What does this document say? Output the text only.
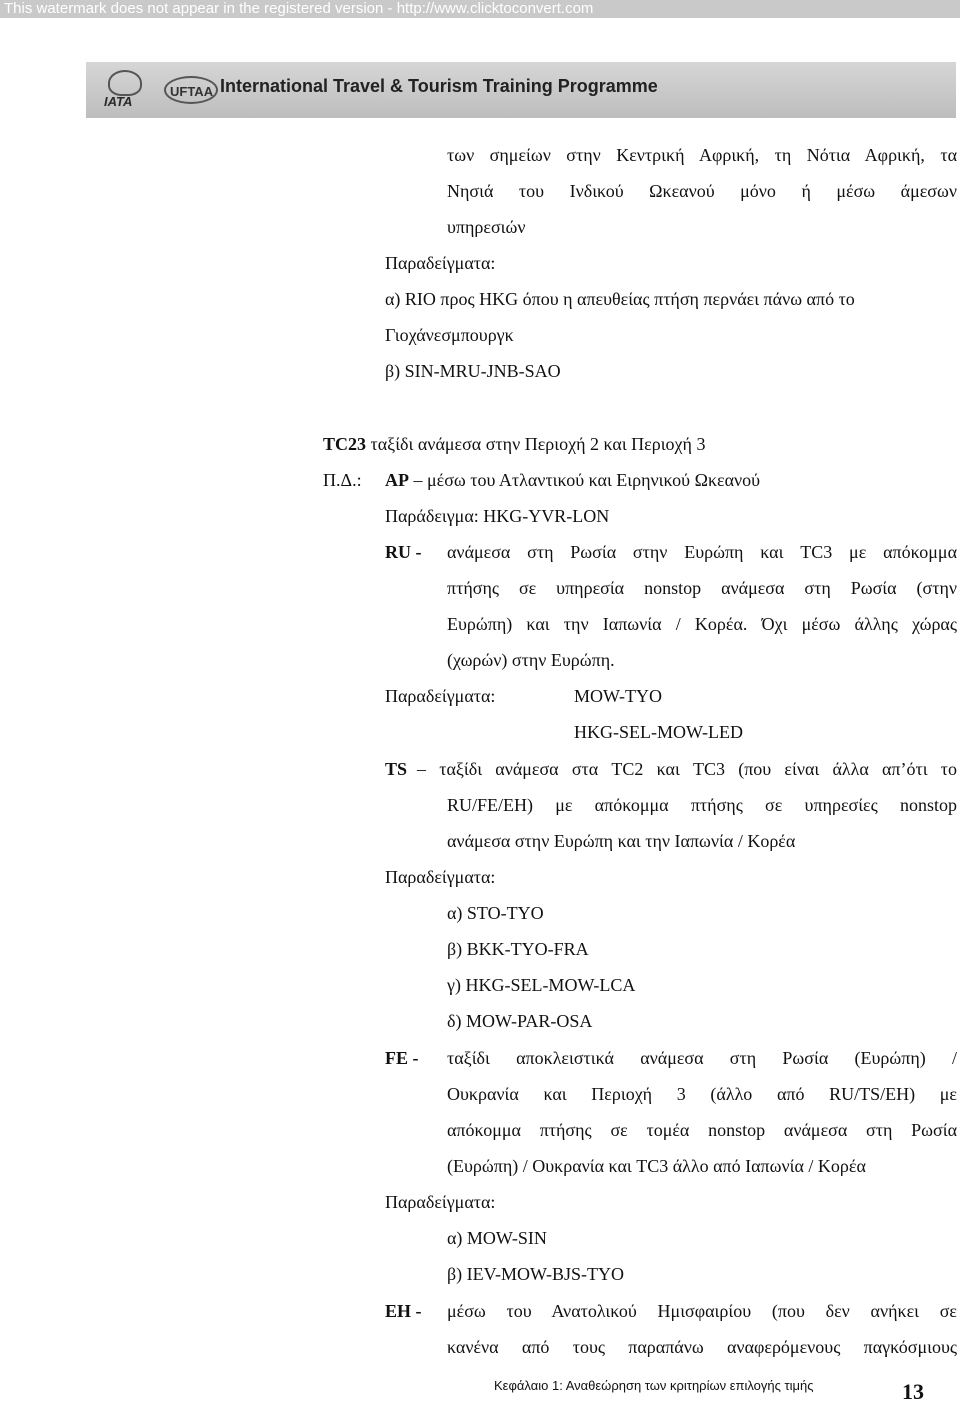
This watermark does not appear in the registered version - http://www.clicktoconvert.com
IATA
UFTAA International Travel & Tourism Training Programme
των σημείων στην Κεντρική Αφρική, τη Νότια Αφρική, τα
Νησιά του Ινδικού Ωκεανού μόνο ή μέσω άμεσων
υπηρεσιών
Παραδείγματα:
α) RIO προς HKG όπου η απευθείας πτήση περνάει πάνω από το
Γιοχάνεσμπουργκ
β) SIN-MRU-JNB-SAO
TC23 ταξίδι ανάμεσα στην Περιοχή 2 και Περιοχή 3
Π.Δ.: AP – μέσω του Ατλαντικού και Ειρηνικού Ωκεανού
Παράδειγμα: HKG-YVR-LON
RU - ανάμεσα στη Ρωσία στην Ευρώπη και TC3 με απόκομμα
πτήσης σε υπηρεσία nonstop ανάμεσα στη Ρωσία (στην
Ευρώπη) και την Ιαπωνία / Κορέα. Όχι μέσω άλλης χώρας
(χωρών) στην Ευρώπη.
Παραδείγματα:	MOW-TYO
HKG-SEL-MOW-LED
TS – ταξίδι ανάμεσα στα TC2 και TC3 (που είναι άλλα απ’ότι το
RU/FE/EH) με απόκομμα πτήσης σε υπηρεσίες nonstop
ανάμεσα στην Ευρώπη και την Ιαπωνία / Κορέα
Παραδείγματα:
α) STO-TYO
β) BKK-TYO-FRA
γ) HKG-SEL-MOW-LCA
δ) MOW-PAR-OSA
FE - ταξίδι αποκλειστικά ανάμεσα στη Ρωσία (Ευρώπη) /
Ουκρανία και Περιοχή 3 (άλλο από RU/TS/EH) με
απόκομμα πτήσης σε τομέα nonstop ανάμεσα στη Ρωσία
(Ευρώπη) / Ουκρανία και TC3 άλλο από Ιαπωνία / Κορέα
Παραδείγματα:
α) MOW-SIN
β) IEV-MOW-BJS-TYO
EH - μέσω του Ανατολικού Ημισφαιρίου (που δεν ανήκει σε
κανένα από τους παραπάνω αναφερόμενους παγκόσμιους
Κεφάλαιο 1: Αναθεώρηση των κριτηρίων επιλογής τιμής	13
